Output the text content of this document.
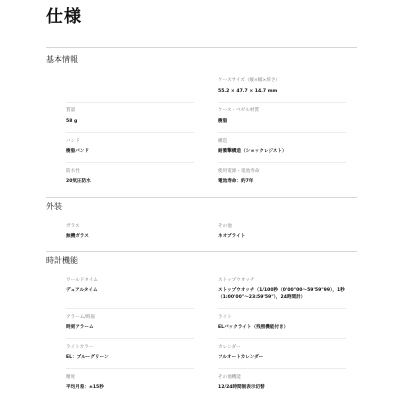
仕様
基本情報
ケースサイズ（縦×幅×厚さ）
55.2 × 47.7 × 14.7 mm
質量
58 g
ケース・ベゼル材質
樹脂
バンド
樹脂バンド
構造
耐衝撃構造（ショックレジスト）
防水性
20気圧防水
使用電源・電池寿命
電池寿命：約7年
外装
ガラス
無機ガラス
その他
ネオブライト
時計機能
ワールドタイム
デュアルタイム
ストップウオッチ
ストップウオッチ（1/100秒（0'00"00〜59'59"99），1秒
（1:00'00"〜23:59'59"），24時間計）
アラーム/時報
時刻アラーム
ライト
ELバックライト（残照機能付き）
ライトカラー
EL：ブルーグリーン
カレンダー
フルオートカレンダー
精度
平均月差：±15秒
その他機能
12/24時間制表示切替
